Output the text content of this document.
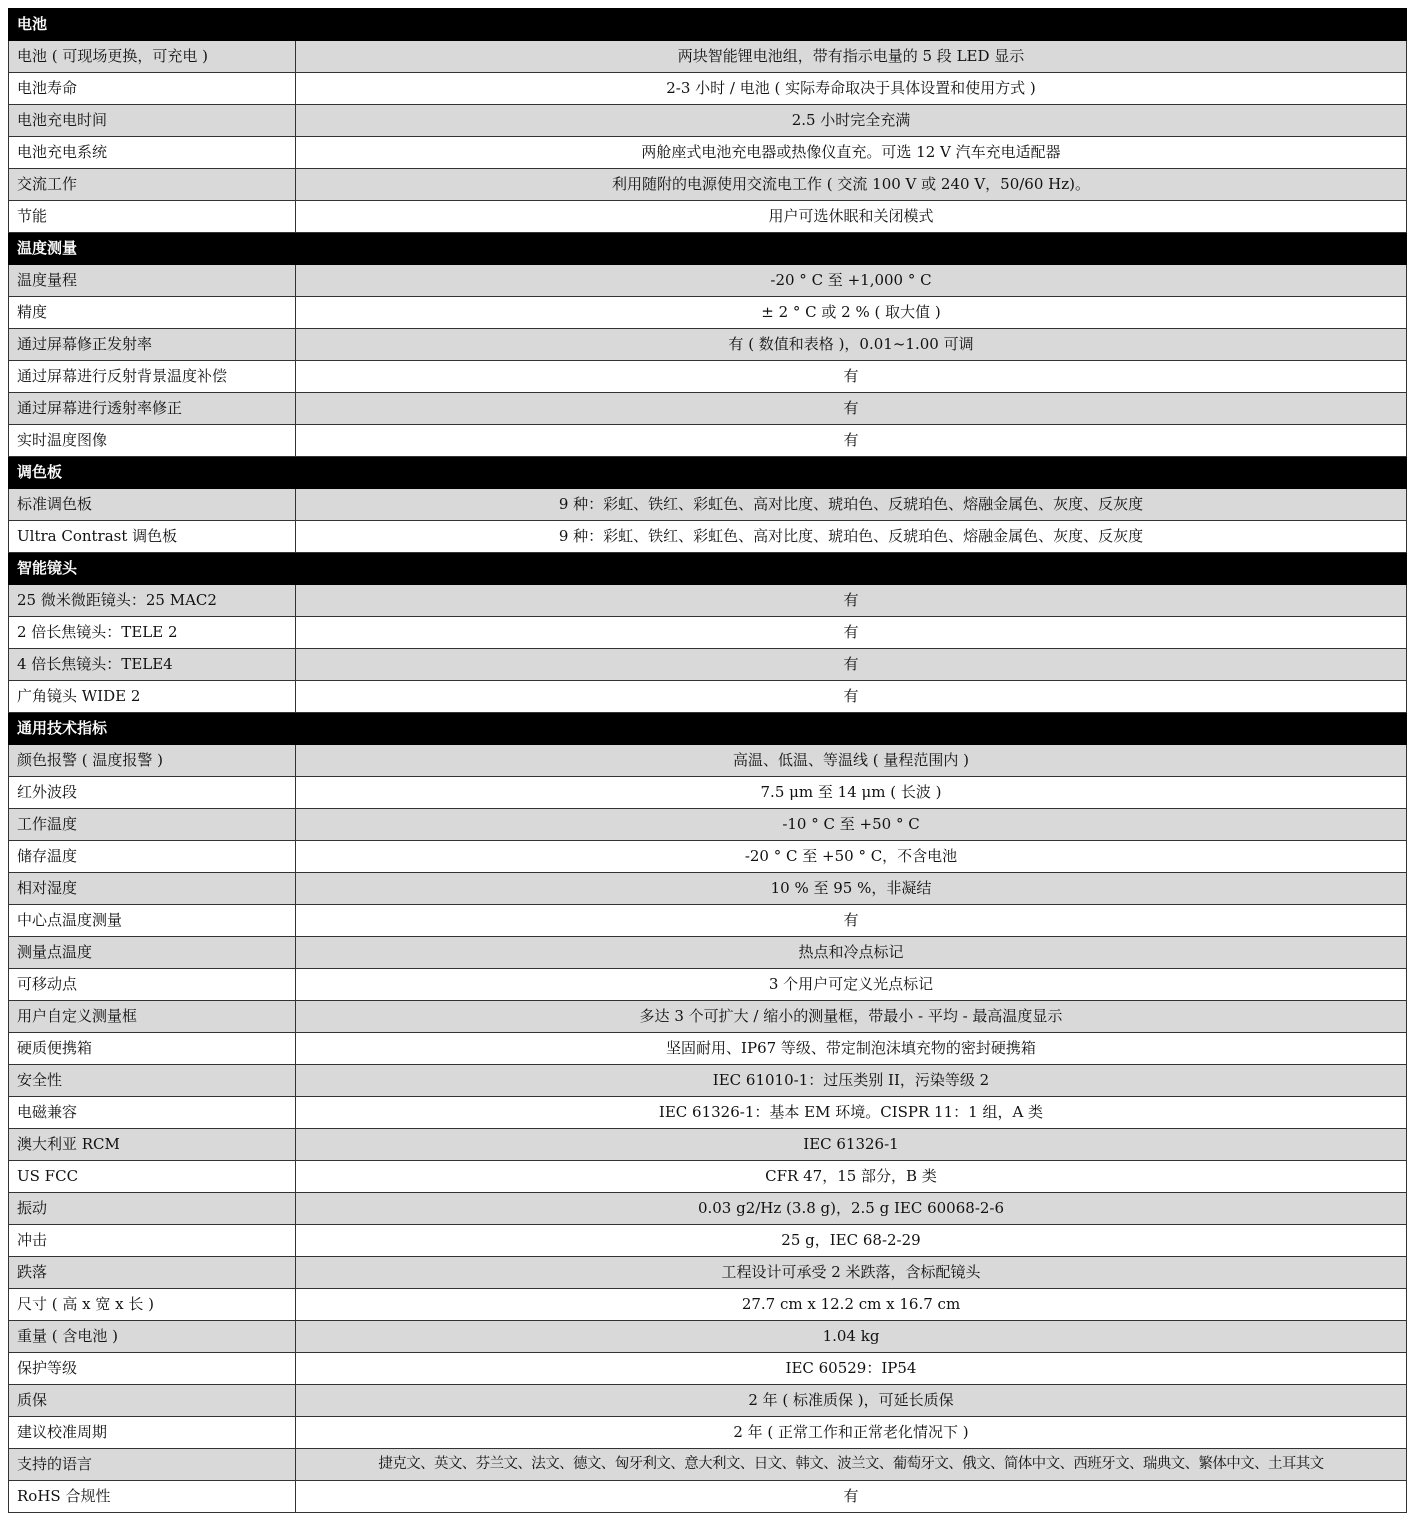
电池	
电池 ( 可现场更换，可充电 )	两块智能锂电池组，带有指示电量的 5 段 LED 显示
电池寿命	2-3 小时 / 电池 ( 实际寿命取决于具体设置和使用方式 )
电池充电时间	2.5 小时完全充满
电池充电系统	两舱座式电池充电器或热像仪直充。可选 12 V 汽车充电适配器
交流工作	利用随附的电源使用交流电工作 ( 交流 100 V 或 240 V，50/60 Hz)。
节能	用户可选休眠和关闭模式
温度测量	
温度量程	-20 ° C 至 +1,000 ° C
精度	± 2 ° C 或 2 % ( 取大值 )
通过屏幕修正发射率	有 ( 数值和表格 )，0.01~1.00 可调
通过屏幕进行反射背景温度补偿	有
通过屏幕进行透射率修正	有
实时温度图像	有
调色板	
标准调色板	9 种：彩虹、铁红、彩虹色、高对比度、琥珀色、反琥珀色、熔融金属色、灰度、反灰度
Ultra Contrast 调色板	9 种：彩虹、铁红、彩虹色、高对比度、琥珀色、反琥珀色、熔融金属色、灰度、反灰度
智能镜头	
25 微米微距镜头：25 MAC2	有
2 倍长焦镜头：TELE 2	有
4 倍长焦镜头：TELE4	有
广角镜头 WIDE 2	有
通用技术指标	
颜色报警 ( 温度报警 )	高温、低温、等温线 ( 量程范围内 )
红外波段	7.5 μm 至 14 μm ( 长波 )
工作温度	-10 ° C 至 +50 ° C
储存温度	-20 ° C 至 +50 ° C，不含电池
相对湿度	10 % 至 95 %，非凝结
中心点温度测量	有
测量点温度	热点和冷点标记
可移动点	3 个用户可定义光点标记
用户自定义测量框	多达 3 个可扩大 / 缩小的测量框，带最小 - 平均 - 最高温度显示
硬质便携箱	坚固耐用、IP67 等级、带定制泡沫填充物的密封硬携箱
安全性	IEC 61010-1：过压类别 II，污染等级 2
电磁兼容	IEC 61326-1：基本 EM 环境。CISPR 11：1 组，A 类
澳大利亚 RCM	IEC 61326-1
US FCC	CFR 47，15 部分，B 类
振动	0.03 g2/Hz (3.8 g)，2.5 g IEC 60068-2-6
冲击	25 g，IEC 68-2-29
跌落	工程设计可承受 2 米跌落，含标配镜头
尺寸 ( 高 x 宽 x 长 )	27.7 cm x 12.2 cm x 16.7 cm
重量 ( 含电池 )	1.04 kg
保护等级	IEC 60529：IP54
质保	2 年 ( 标准质保 )，可延长质保
建议校准周期	2 年 ( 正常工作和正常老化情况下 )
支持的语言	捷克文、英文、芬兰文、法文、德文、匈牙利文、意大利文、日文、韩文、波兰文、葡萄牙文、俄文、简体中文、西班牙文、瑞典文、繁体中文、土耳其文
RoHS 合规性	有
